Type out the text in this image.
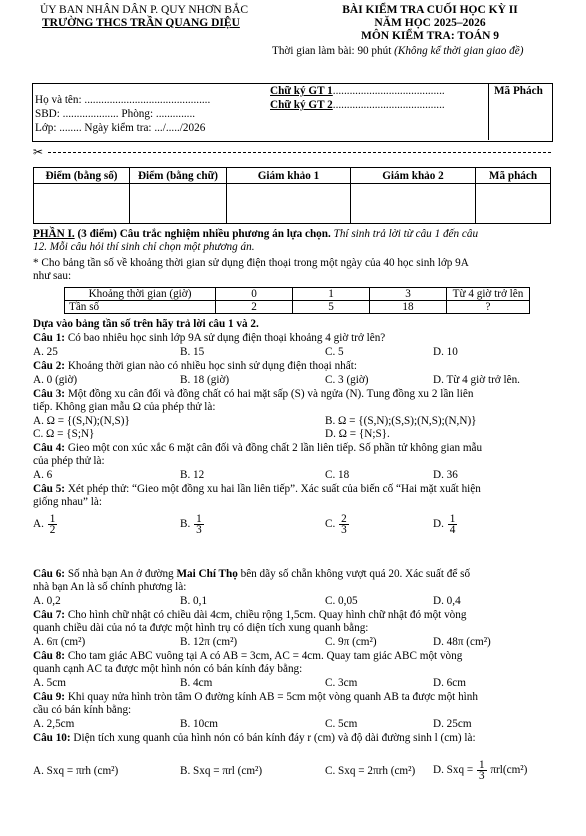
ỦY BAN NHÂN DÂN P. QUY NHƠN BẮC
TRƯỜNG THCS TRẦN QUANG DIỆU
BÀI KIỂM TRA CUỐI HỌC KỲ II
NĂM HỌC 2025–2026
MÔN KIỂM TRA: TOÁN 9
Thời gian làm bài: 90 phút (Không kể thời gian giao đề)
Họ và tên: .............................................
SBD: .................... Phòng: ..............
Lớp: ........ Ngày kiểm tra: .../...../2026
Chữ ký GT 1........................................
Chữ ký GT 2........................................
Mã Phách
✂
Điểm (bằng số)	Điểm (bằng chữ)	Giám khảo 1	Giám khảo 2	Mã phách

PHẦN I. (3 điểm) Câu trắc nghiệm nhiều phương án lựa chọn. Thí sinh trả lời từ câu 1 đến câu
12. Mỗi câu hỏi thí sinh chỉ chọn một phương án.
* Cho bảng tần số về khoảng thời gian sử dụng điện thoại trong một ngày của 40 học sinh lớp 9A
như sau:
Khoảng thời gian (giờ)	0	1	3	Từ 4 giờ trở lên
Tần số	2	5	18	?
Dựa vào bảng tần số trên hãy trả lời câu 1 và 2.
Câu 1: Có bao nhiêu học sinh lớp 9A sử dụng điện thoại khoảng 4 giờ trở lên?
A. 25	B. 15	C. 5	D. 10
Câu 2: Khoảng thời gian nào có nhiều học sinh sử dụng điện thoại nhất:
A. 0 (giờ)	B. 18 (giờ)	C. 3 (giờ)	D. Từ 4 giờ trở lên.
Câu 3: Một đồng xu cân đối và đồng chất có hai mặt sấp (S) và ngửa (N). Tung đồng xu 2 lần liên
tiếp. Không gian mẫu Ω của phép thử là:
A. Ω = {(S,N);(N,S)}	B. Ω = {(S,N);(S,S);(N,S);(N,N)}
C. Ω = {S;N}	D. Ω = {N;S}.
Câu 4: Gieo một con xúc xắc 6 mặt cân đối và đồng chất 2 lần liên tiếp. Số phần tử không gian mẫu
của phép thử là:
A. 6	B. 12	C. 18	D. 36
Câu 5: Xét phép thử: “Gieo một đồng xu hai lần liên tiếp”. Xác suất của biến cố “Hai mặt xuất hiện
giống nhau” là:
A. $\frac{1}{2}$	B. $\frac{1}{3}$	C. $\frac{2}{3}$	D. $\frac{1}{4}$
Câu 6: Số nhà bạn An ở đường Mai Chí Thọ bên dãy số chẵn không vượt quá 20. Xác suất để số
nhà bạn An là số chính phương là:
A. 0,2	B. 0,1	C. 0,05	D. 0,4
Câu 7: Cho hình chữ nhật có chiều dài 4cm, chiều rộng 1,5cm. Quay hình chữ nhật đó một vòng
quanh chiều dài của nó ta được một hình trụ có diện tích xung quanh bằng:
A. 6π (cm²)	B. 12π (cm²)	C. 9π (cm²)	D. 48π (cm²)
Câu 8: Cho tam giác ABC vuông tại A có AB = 3cm, AC = 4cm. Quay tam giác ABC một vòng
quanh cạnh AC ta được một hình nón có bán kính đáy bằng:
A. 5cm	B. 4cm	C. 3cm	D. 6cm
Câu 9: Khi quay nửa hình tròn tâm O đường kính AB = 5cm một vòng quanh AB ta được một hình
cầu có bán kính bằng:
A. 2,5cm	B. 10cm	C. 5cm	D. 25cm
Câu 10: Diện tích xung quanh của hình nón có bán kính đáy r (cm) và độ dài đường sinh l (cm) là:
A. Sxq = πrh (cm²)	B. Sxq = πrl (cm²)	C. Sxq = 2πrh (cm²) D. Sxq = $\frac{1}{3} \pi rl(cm^2)$
